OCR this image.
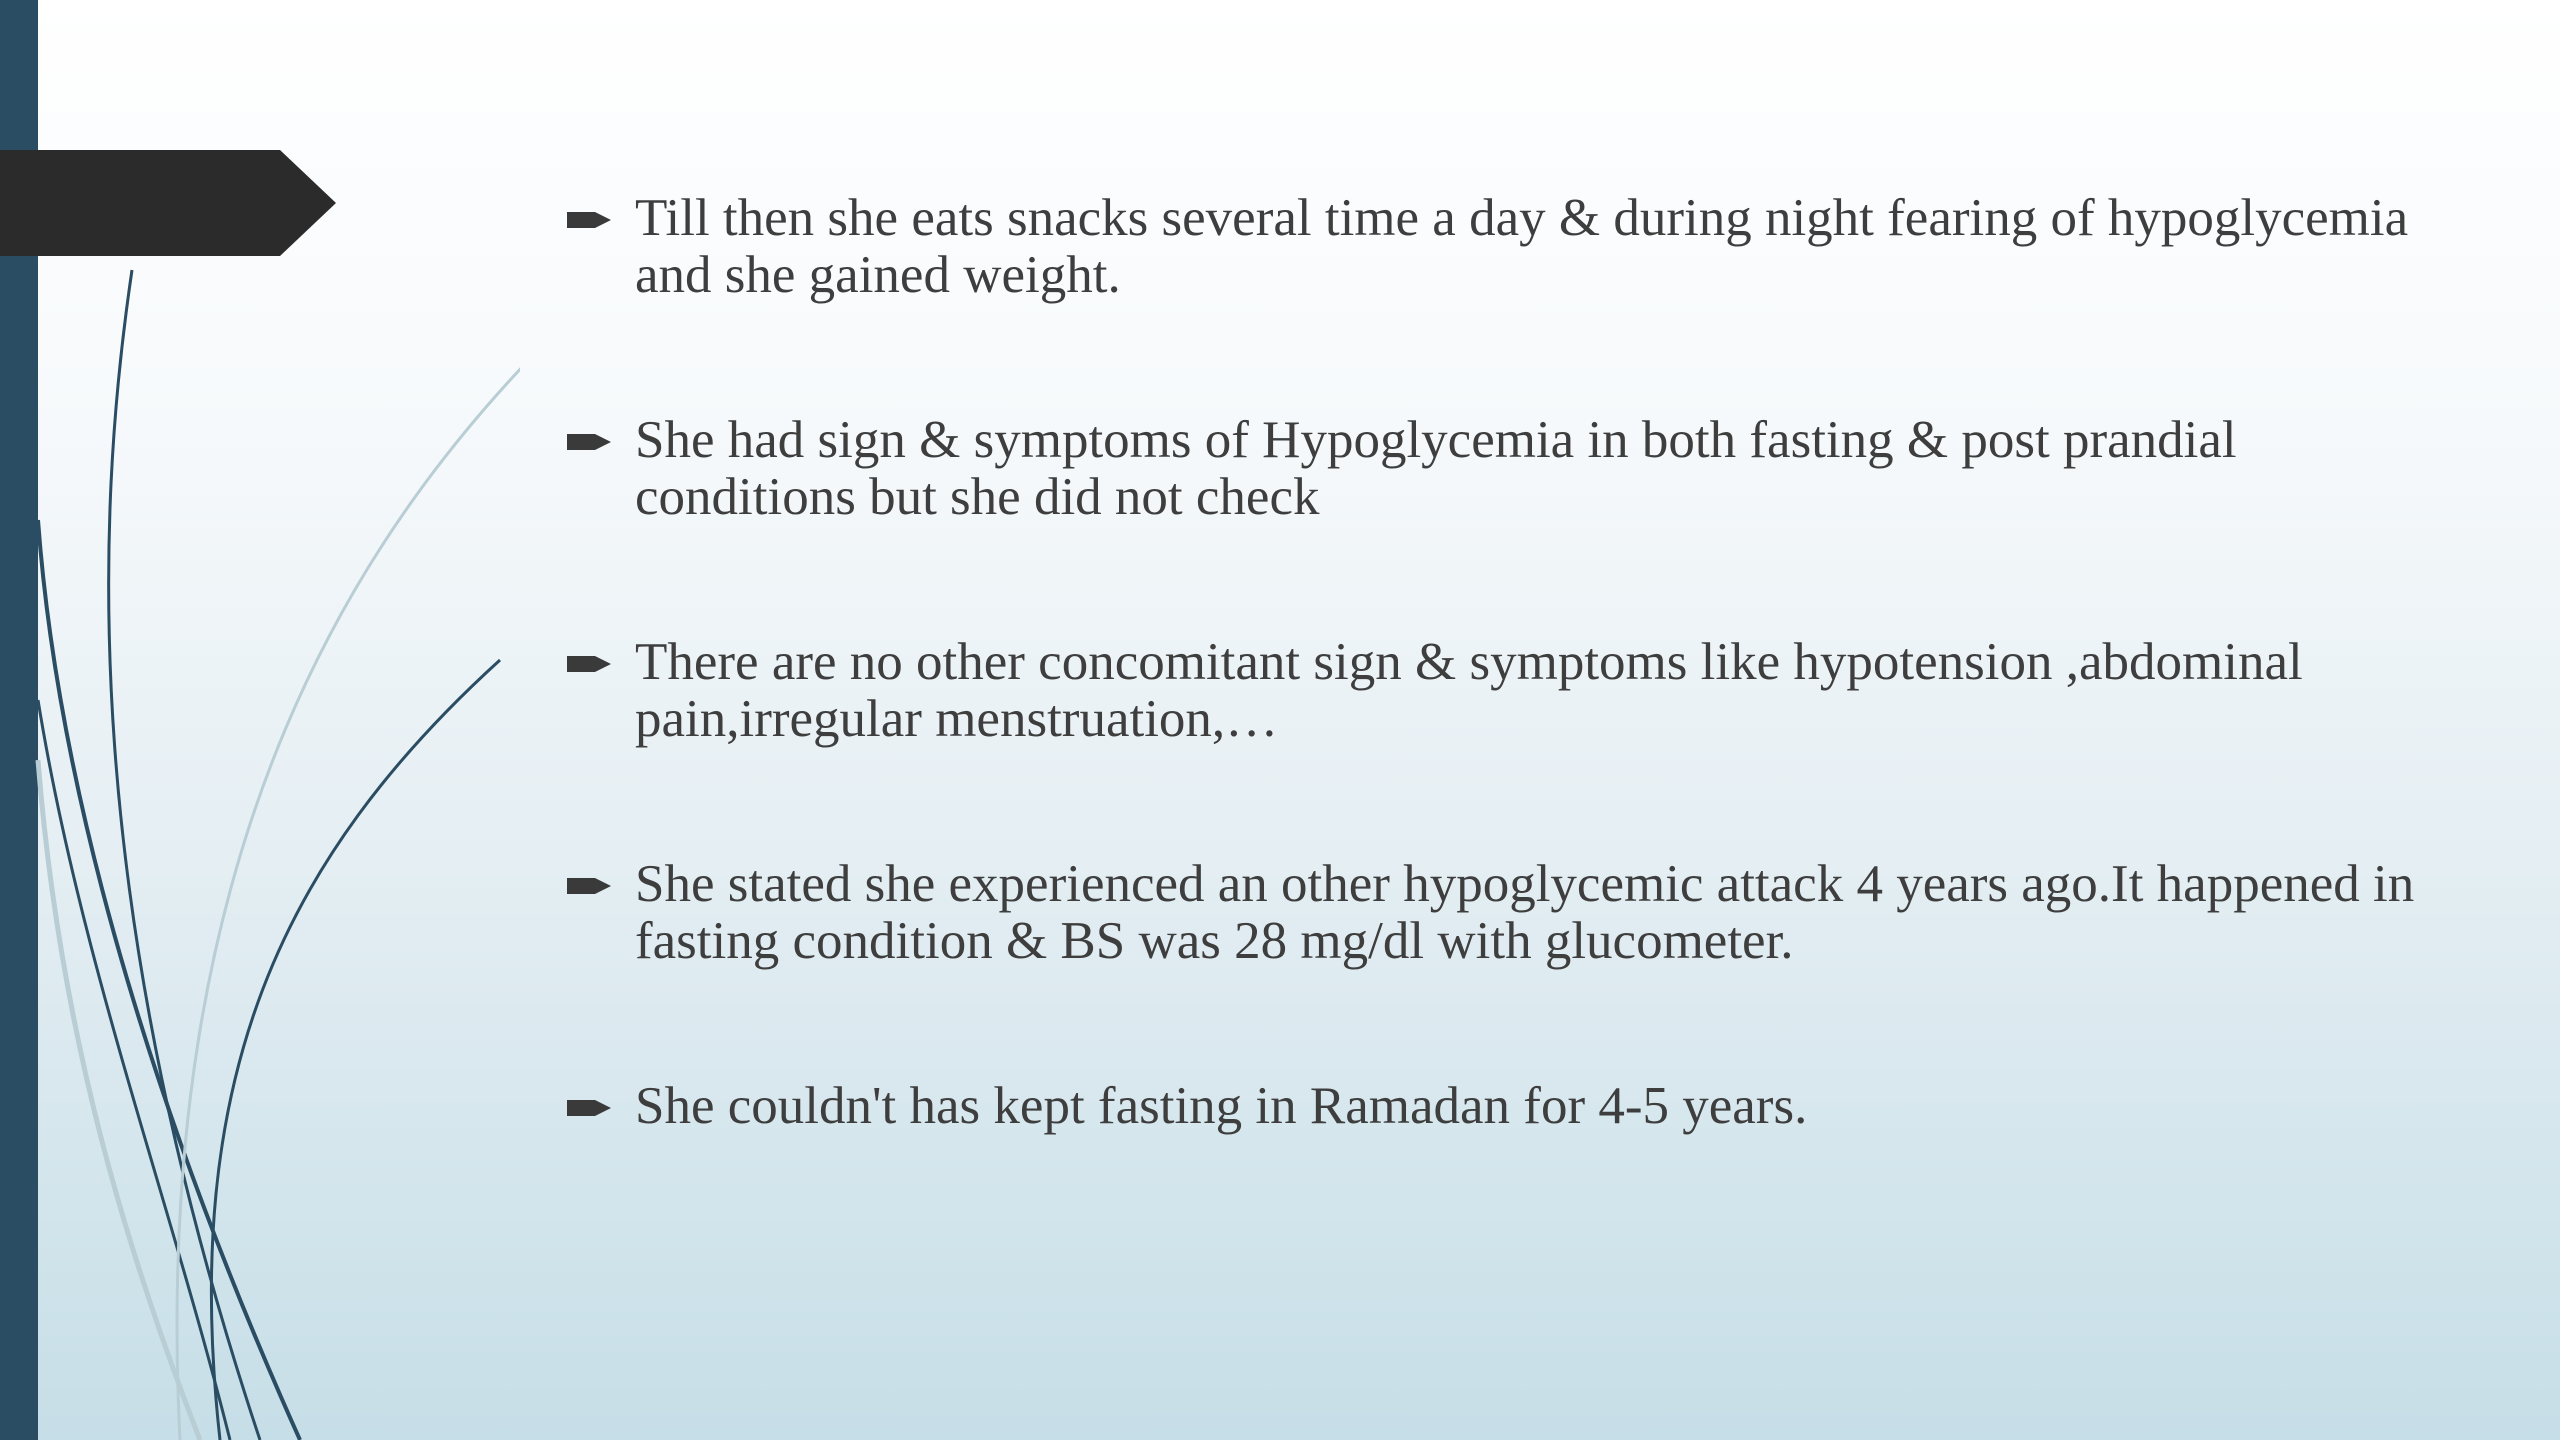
Till then she eats snacks several time a day & during night fearing of hypoglycemia and she gained weight.
She had sign & symptoms of Hypoglycemia in both fasting & post prandial conditions but she did not check
There are no other concomitant sign & symptoms like hypotension ,abdominal pain,irregular menstruation,…
She stated she experienced an other hypoglycemic attack 4 years ago.It happened in fasting condition & BS was 28 mg/dl with glucometer.
She couldn't has kept fasting in Ramadan for 4-5 years.
